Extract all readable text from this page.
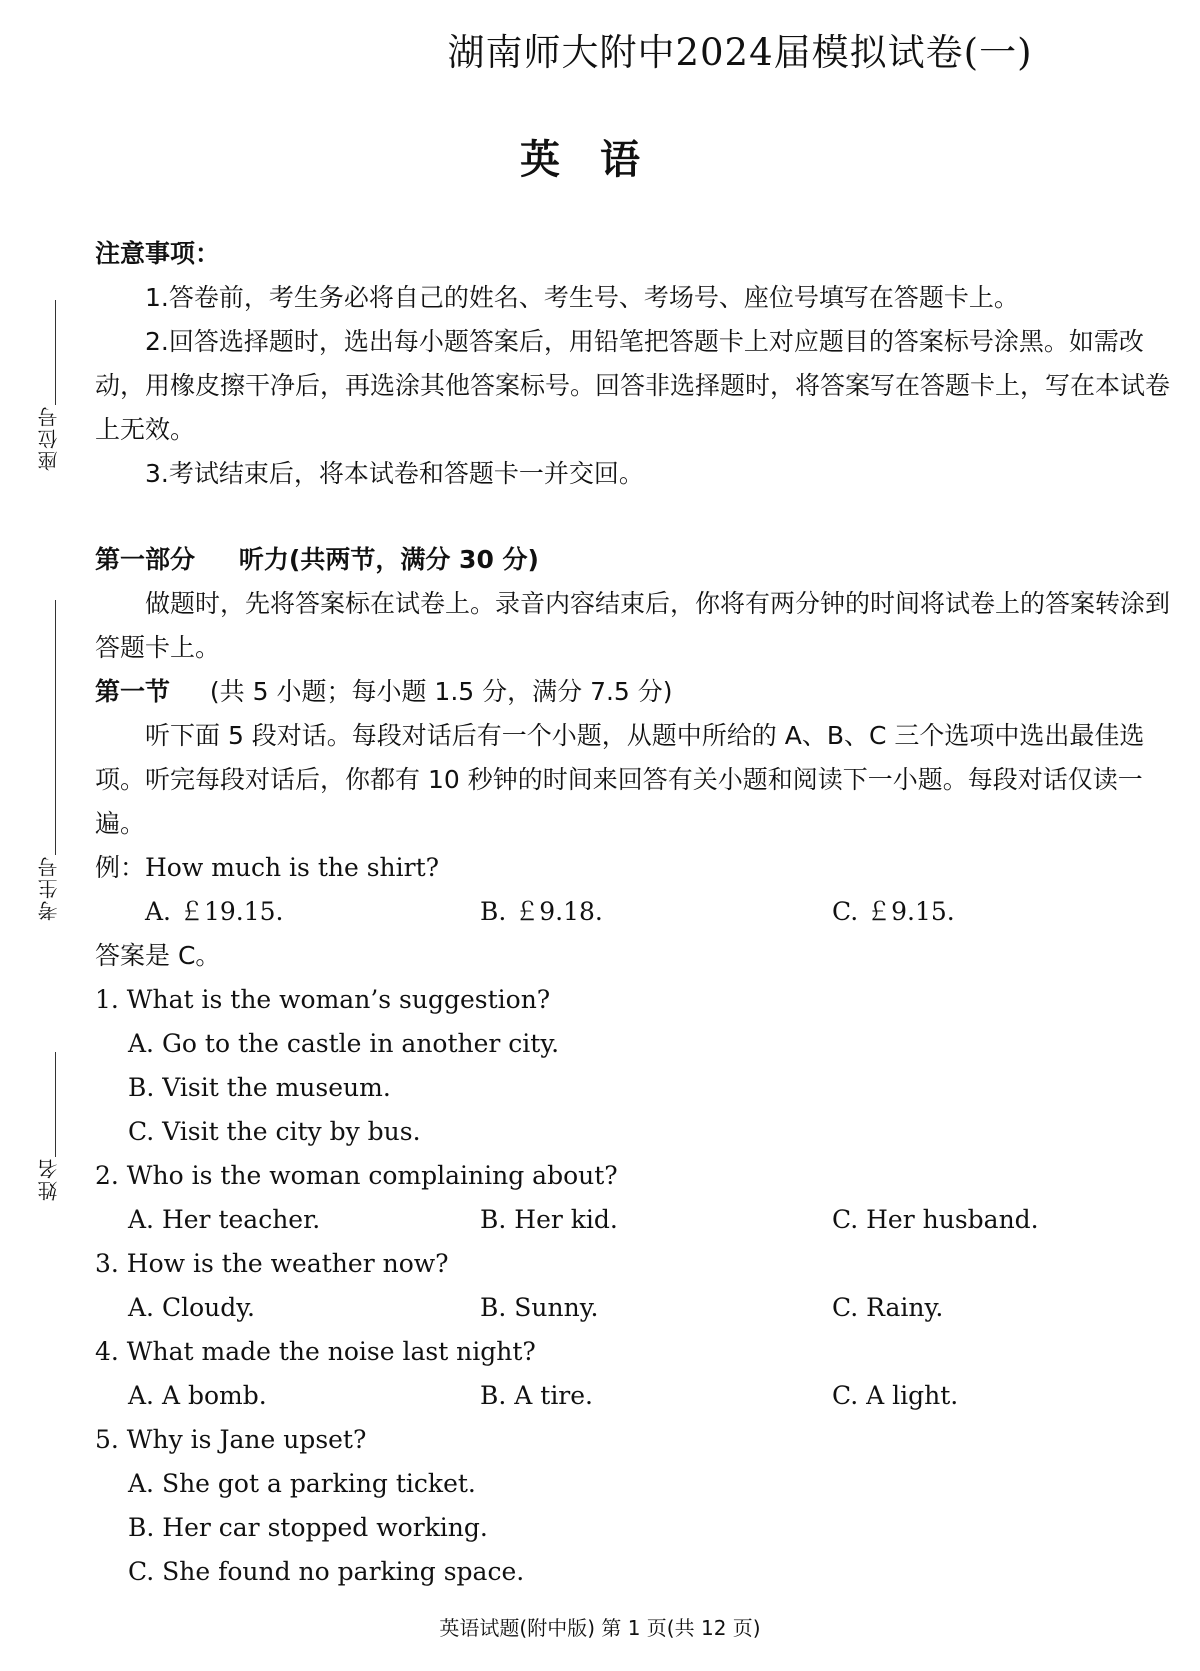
湖南师大附中2024届模拟试卷(一)
英语
座位号
考生号
姓名

注意事项：

1.答卷前，考生务必将自己的姓名、考生号、考场号、座位号填写在答题卡上。

2.回答选择题时，选出每小题答案后，用铅笔把答题卡上对应题目的答案标号涂黑。如需改动，用橡皮擦干净后，再选涂其他答案标号。回答非选择题时，将答案写在答题卡上，写在本试卷上无效。

3.考试结束后，将本试卷和答题卡一并交回。

第一部分 听力(共两节，满分 30 分)

做题时，先将答案标在试卷上。录音内容结束后，你将有两分钟的时间将试卷上的答案转涂到答题卡上。

第一节 (共 5 小题；每小题 1.5 分，满分 7.5 分)

听下面 5 段对话。每段对话后有一个小题，从题中所给的 A、B、C 三个选项中选出最佳选项。听完每段对话后，你都有 10 秒钟的时间来回答有关小题和阅读下一小题。每段对话仅读一遍。

例：How much is the shirt?

A. ￡19.15.	B. ￡9.18.	C. ￡9.15.

答案是 C。

1. What is the woman’s suggestion?

A. Go to the castle in another city.
B. Visit the museum.
C. Visit the city by bus.

2. Who is the woman complaining about?

A. Her teacher.	B. Her kid.	C. Her husband.

3. How is the weather now?

A. Cloudy.	B. Sunny.	C. Rainy.

4. What made the noise last night?

A. A bomb.	B. A tire.	C. A light.

5. Why is Jane upset?

A. She got a parking ticket.
B. Her car stopped working.
C. She found no parking space.
英语试题(附中版) 第 1 页(共 12 页)
